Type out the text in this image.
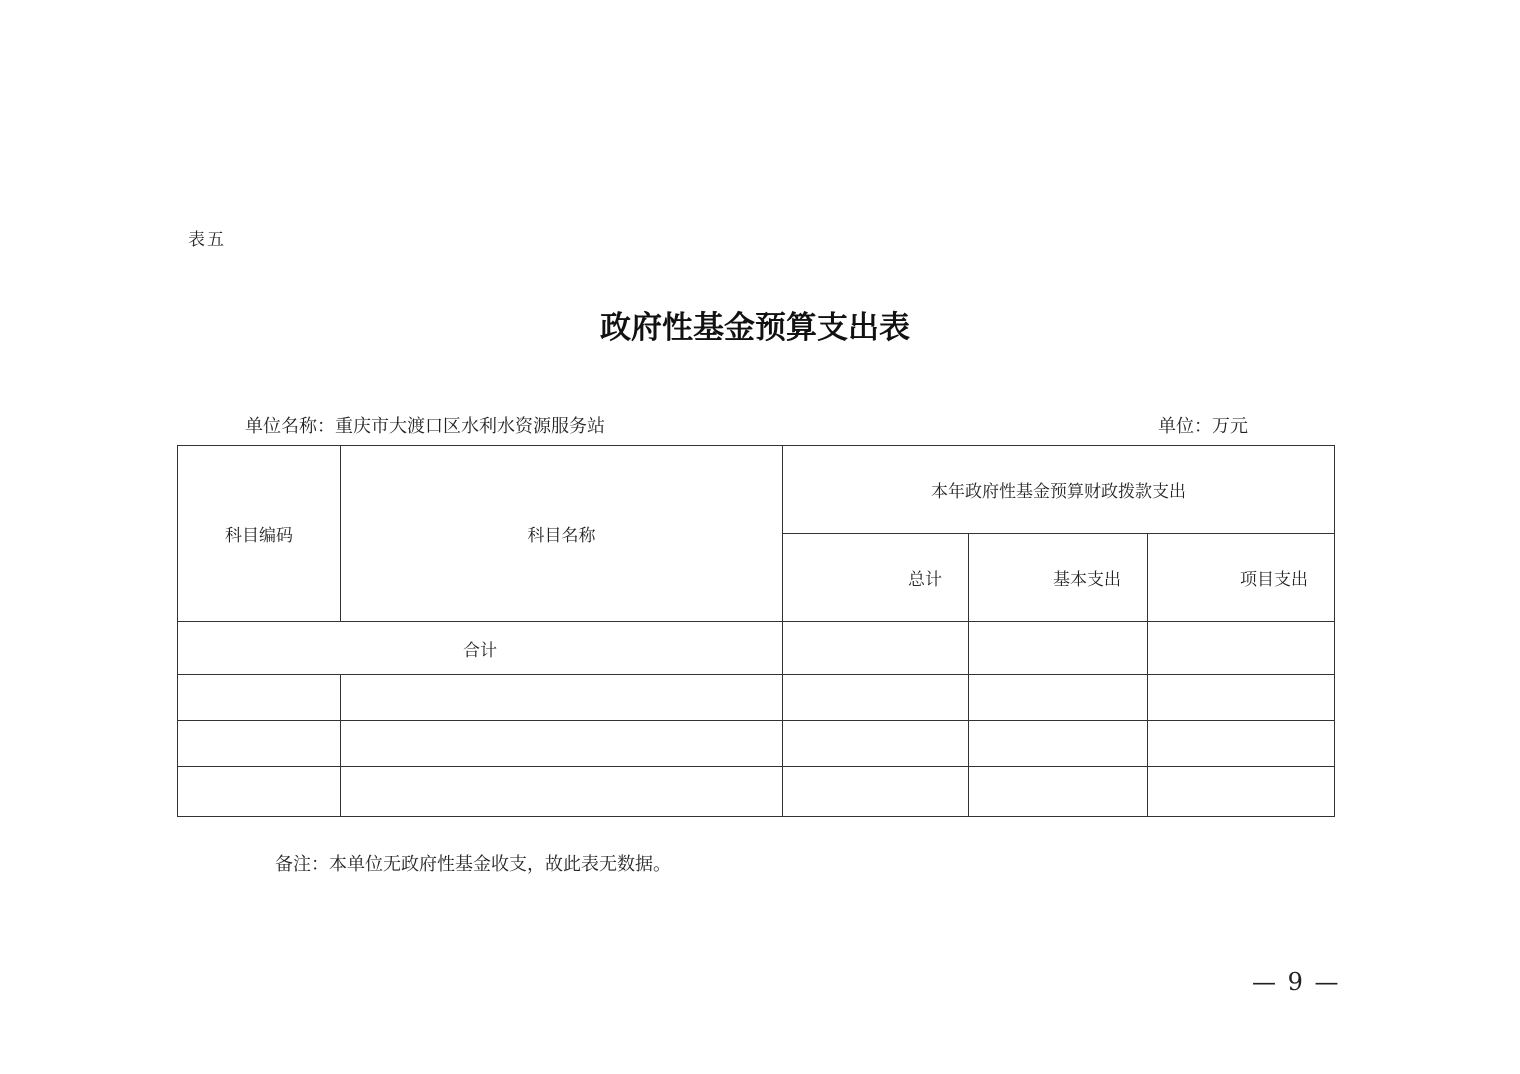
表五
政府性基金预算支出表
单位名称：重庆市大渡口区水利水资源服务站	单位：万元
科目编码	科目名称	本年政府性基金预算财政拨款支出		
		总计	基本支出	项目支出
合计				

备注：本单位无政府性基金收支，故此表无数据。
— 9 —
